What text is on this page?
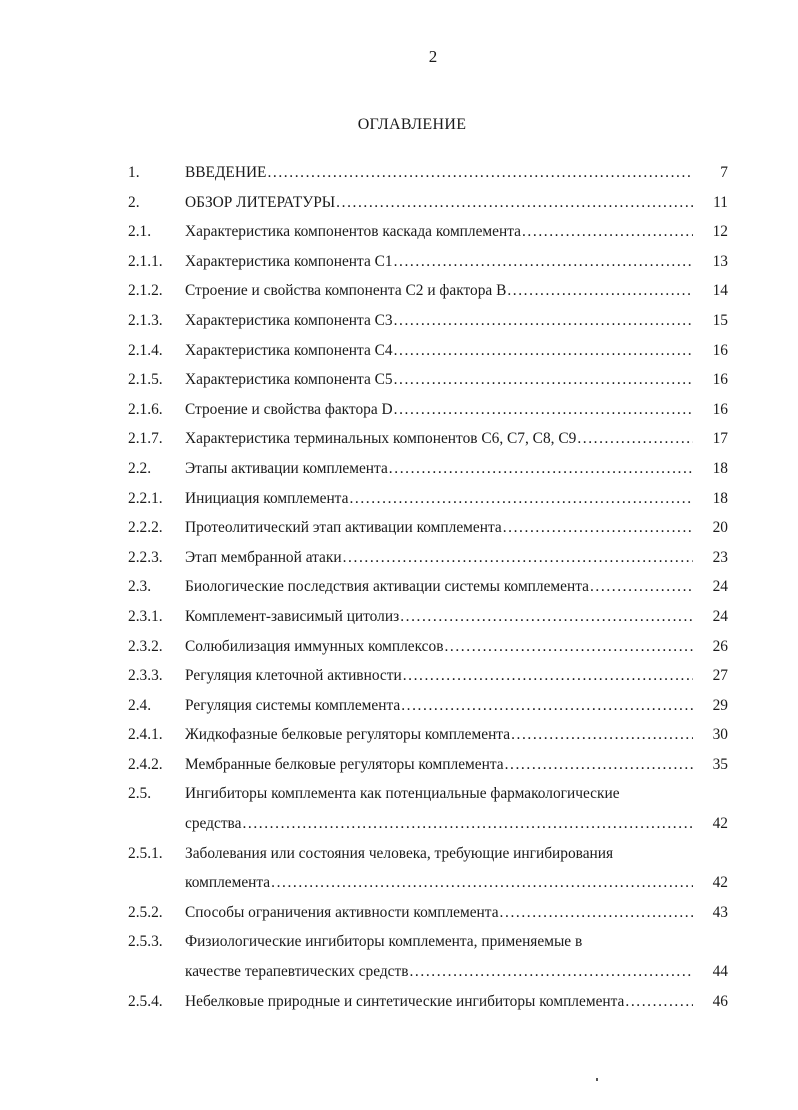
2
ОГЛАВЛЕНИЕ
1.	ВВЕДЕНИЕ .....	7
2.	ОБЗОР ЛИТЕРАТУРЫ .....	11
2.1. Характеристика компонентов каскада комплемента .....	12
2.1.1. Характеристика компонента С1 .....	13
2.1.2. Строение и свойства компонента С2 и фактора В .....	14
2.1.3. Характеристика компонента С3 .....	15
2.1.4. Характеристика компонента С4 .....	16
2.1.5. Характеристика компонента С5 .....	16
2.1.6. Строение и свойства фактора D .....	16
2.1.7. Характеристика терминальных компонентов С6, С7, С8, С9 .....	17
2.2. Этапы активации комплемента .....	18
2.2.1. Инициация комплемента .....	18
2.2.2. Протеолитический этап активации комплемента .....	20
2.2.3. Этап мембранной атаки .....	23
2.3. Биологические последствия активации системы комплемента .....	24
2.3.1. Комплемент-зависимый цитолиз .....	24
2.3.2. Солюбилизация иммунных комплексов .....	26
2.3.3. Регуляция клеточной активности .....	27
2.4. Регуляция системы комплемента .....	29
2.4.1. Жидкофазные белковые регуляторы комплемента .....	30
2.4.2. Мембранные белковые регуляторы комплемента .....	35
2.5. Ингибиторы комплемента как потенциальные фармакологические
средства .....	42
2.5.1. Заболевания или состояния человека, требующие ингибирования
комплемента .....	42
2.5.2. Способы ограничения активности комплемента .....	43
2.5.3. Физиологические ингибиторы комплемента, применяемые в
качестве терапевтических средств .....	44
2.5.4. Небелковые природные и синтетические ингибиторы комплемента .....	46
